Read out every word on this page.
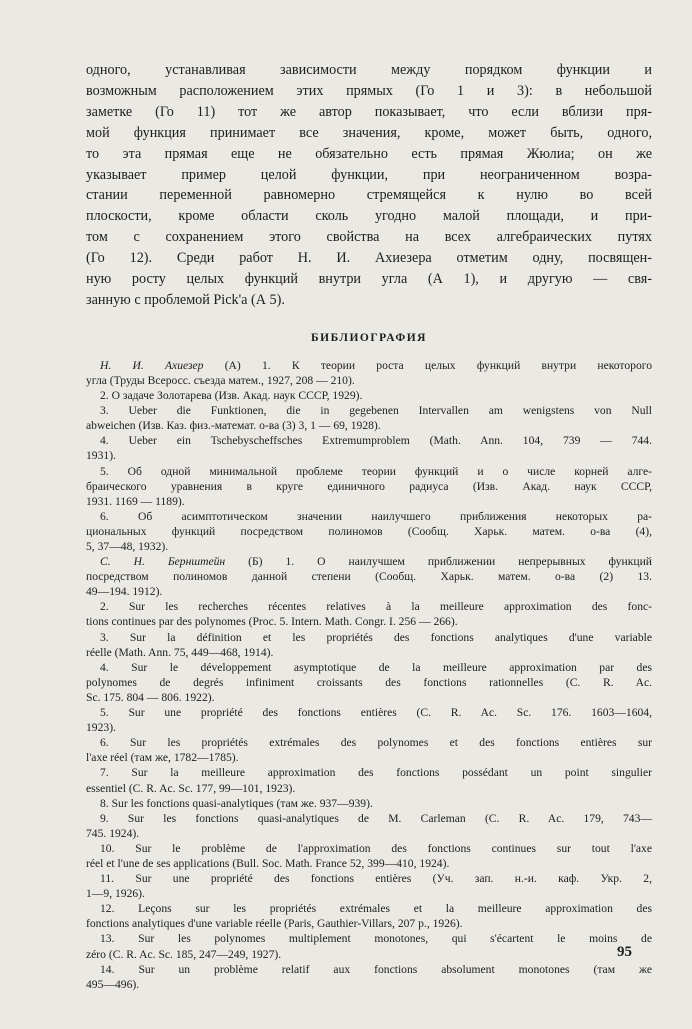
одного, устанавливая зависимости между порядком функции и
возможным расположением этих прямых (Го 1 и 3): в небольшой
заметке (Го 11) тот же автор показывает, что если вблизи пря-
мой функция принимает все значения, кроме, может быть, одного,
то эта прямая еще не обязательно есть прямая Жюлиа; он же
указывает пример целой функции, при неограниченном возра-
стании переменной равномерно стремящейся к нулю во всей
плоскости, кроме области сколь угодно малой площади, и при-
том с сохранением этого свойства на всех алгебраических путях
(Го 12). Среди работ Н. И. Ахиезера отметим одну, посвящен-
ную росту целых функций внутри угла (А 1), и другую — свя-
занную с проблемой Pick'a (А 5).

БИБЛИОГРАФИЯ
Н. И. Ахиезер (А) 1. К теории роста целых функций внутри некоторого
угла (Труды Всеросс. съезда матем., 1927, 208 — 210).
2. О задаче Золотарева (Изв. Акад. наук СССР, 1929).
3. Ueber die Funktionen, die in gegebenen Intervallen am wenigstens von Null
abweichen (Изв. Каз. физ.-математ. о-ва (3) 3, 1 — 69, 1928).
4. Ueber ein Tschebyscheffsches Extremumproblem (Math. Ann. 104, 739 — 744.
1931).
5. Об одной минимальной проблеме теории функций и о числе корней алге-
браического уравнения в круге единичного радиуса (Изв. Акад. наук СССР,
1931. 1169 — 1189).
6. Об асимптотическом значении наилучшего приближения некоторых ра-
циональных функций посредством полиномов (Сообщ. Харьк. матем. о-ва (4),
5, 37—48, 1932).
С. Н. Бернштейн (Б) 1. О наилучшем приближении непрерывных функций
посредством полиномов данной степени (Сообщ. Харьк. матем. о-ва (2) 13.
49—194. 1912).
2. Sur les recherches récentes relatives à la meilleure approximation des fonc-
tions continues par des polynomes (Proc. 5. Intern. Math. Congr. I. 256 — 266).
3. Sur la définition et les propriétés des fonctions analytiques d'une variable
réelle (Math. Ann. 75, 449—468, 1914).
4. Sur le développement asymptotique de la meilleure approximation par des
polynomes de degrés infiniment croissants des fonctions rationnelles (C. R. Ac.
Sc. 175. 804 — 806. 1922).
5. Sur une propriété des fonctions entières (C. R. Ac. Sc. 176. 1603—1604,
1923).
6. Sur les propriétés extrémales des polynomes et des fonctions entières sur
l'axe réel (там же, 1782—1785).
7. Sur la meilleure approximation des fonctions possédant un point singulier
essentiel (C. R. Ac. Sc. 177, 99—101, 1923).
8. Sur les fonctions quasi-analytiques (там же. 937—939).
9. Sur les fonctions quasi-analytiques de M. Carleman (C. R. Ac. 179, 743—
745. 1924).
10. Sur le problème de l'approximation des fonctions continues sur tout l'axe
réel et l'une de ses applications (Bull. Soc. Math. France 52, 399—410, 1924).
11. Sur une propriété des fonctions entières (Уч. зап. н.-и. каф. Укр. 2,
1—9, 1926).
12. Leçons sur les propriétés extrémales et la meilleure approximation des
fonctions analytiques d'une variable réelle (Paris, Gauthier-Villars, 207 p., 1926).
13. Sur les polynomes multiplement monotones, qui s'écartent le moins de
zéro (C. R. Ac. Sc. 185, 247—249, 1927).
14. Sur un problème relatif aux fonctions absolument monotones (там же
495—496).
95
